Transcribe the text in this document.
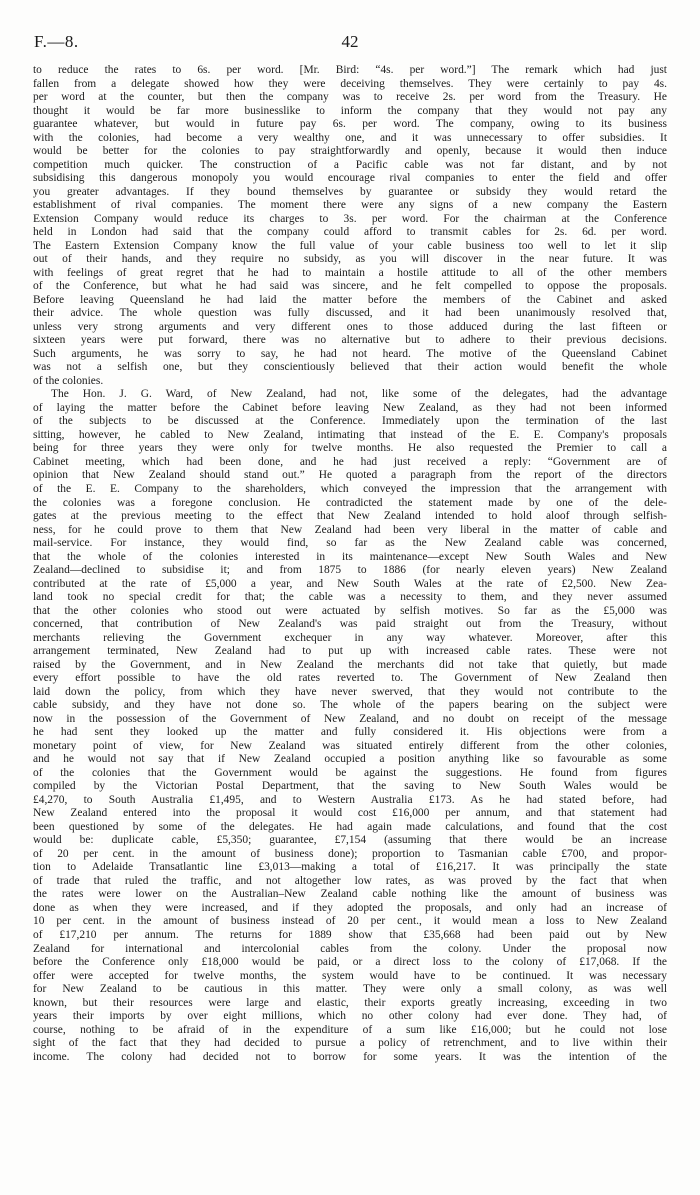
F.—8.	42
to reduce the rates to 6s. per word. [Mr. Bird: “4s. per word.”] The remark which had just
fallen from a delegate showed how they were deceiving themselves. They were certainly to pay 4s.
per word at the counter, but then the company was to receive 2s. per word from the Treasury. He
thought it would be far more businesslike to inform the company that they would not pay any
guarantee whatever, but would in future pay 6s. per word. The company, owing to its business
with the colonies, had become a very wealthy one, and it was unnecessary to offer subsidies. It
would be better for the colonies to pay straightforwardly and openly, because it would then induce
competition much quicker. The construction of a Pacific cable was not far distant, and by not
subsidising this dangerous monopoly you would encourage rival companies to enter the field and offer
you greater advantages. If they bound themselves by guarantee or subsidy they would retard the
establishment of rival companies. The moment there were any signs of a new company the Eastern
Extension Company would reduce its charges to 3s. per word. For the chairman at the Conference
held in London had said that the company could afford to transmit cables for 2s. 6d. per word.
The Eastern Extension Company know the full value of your cable business too well to let it slip
out of their hands, and they require no subsidy, as you will discover in the near future. It was
with feelings of great regret that he had to maintain a hostile attitude to all of the other members
of the Conference, but what he had said was sincere, and he felt compelled to oppose the proposals.
Before leaving Queensland he had laid the matter before the members of the Cabinet and asked
their advice. The whole question was fully discussed, and it had been unanimously resolved that,
unless very strong arguments and very different ones to those adduced during the last fifteen or
sixteen years were put forward, there was no alternative but to adhere to their previous decisions.
Such arguments, he was sorry to say, he had not heard. The motive of the Queensland Cabinet
was not a selfish one, but they conscientiously believed that their action would benefit the whole
of the colonies.
The Hon. J. G. Ward, of New Zealand, had not, like some of the delegates, had the advantage
of laying the matter before the Cabinet before leaving New Zealand, as they had not been informed
of the subjects to be discussed at the Conference. Immediately upon the termination of the last
sitting, however, he cabled to New Zealand, intimating that instead of the E. E. Company's proposals
being for three years they were only for twelve months. He also requested the Premier to call a
Cabinet meeting, which had been done, and he had just received a reply: “Government are of
opinion that New Zealand should stand out.” He quoted a paragraph from the report of the directors
of the E. E. Company to the shareholders, which conveyed the impression that the arrangement with
the colonies was a foregone conclusion. He contradicted the statement made by one of the dele-
gates at the previous meeting to the effect that New Zealand intended to hold aloof through selfish-
ness, for he could prove to them that New Zealand had been very liberal in the matter of cable and
mail-service. For instance, they would find, so far as the New Zealand cable was concerned,
that the whole of the colonies interested in its maintenance—except New South Wales and New
Zealand—declined to subsidise it; and from 1875 to 1886 (for nearly eleven years) New Zealand
contributed at the rate of £5,000 a year, and New South Wales at the rate of £2,500. New Zea-
land took no special credit for that; the cable was a necessity to them, and they never assumed
that the other colonies who stood out were actuated by selfish motives. So far as the £5,000 was
concerned, that contribution of New Zealand's was paid straight out from the Treasury, without
merchants relieving the Government exchequer in any way whatever. Moreover, after this
arrangement terminated, New Zealand had to put up with increased cable rates. These were not
raised by the Government, and in New Zealand the merchants did not take that quietly, but made
every effort possible to have the old rates reverted to. The Government of New Zealand then
laid down the policy, from which they have never swerved, that they would not contribute to the
cable subsidy, and they have not done so. The whole of the papers bearing on the subject were
now in the possession of the Government of New Zealand, and no doubt on receipt of the message
he had sent they looked up the matter and fully considered it. His objections were from a
monetary point of view, for New Zealand was situated entirely different from the other colonies,
and he would not say that if New Zealand occupied a position anything like so favourable as some
of the colonies that the Government would be against the suggestions. He found from figures
compiled by the Victorian Postal Department, that the saving to New South Wales would be
£4,270, to South Australia £1,495, and to Western Australia £173. As he had stated before, had
New Zealand entered into the proposal it would cost £16,000 per annum, and that statement had
been questioned by some of the delegates. He had again made calculations, and found that the cost
would be: duplicate cable, £5,350; guarantee, £7,154 (assuming that there would be an increase
of 20 per cent. in the amount of business done); proportion to Tasmanian cable £700, and propor-
tion to Adelaide Transatlantic line £3,013—making a total of £16,217. It was principally the state
of trade that ruled the traffic, and not altogether low rates, as was proved by the fact that when
the rates were lower on the Australian–New Zealand cable nothing like the amount of business was
done as when they were increased, and if they adopted the proposals, and only had an increase of
10 per cent. in the amount of business instead of 20 per cent., it would mean a loss to New Zealand
of £17,210 per annum. The returns for 1889 show that £35,668 had been paid out by New
Zealand for international and intercolonial cables from the colony. Under the proposal now
before the Conference only £18,000 would be paid, or a direct loss to the colony of £17,068. If the
offer were accepted for twelve months, the system would have to be continued. It was necessary
for New Zealand to be cautious in this matter. They were only a small colony, as was well
known, but their resources were large and elastic, their exports greatly increasing, exceeding in two
years their imports by over eight millions, which no other colony had ever done. They had, of
course, nothing to be afraid of in the expenditure of a sum like £16,000; but he could not lose
sight of the fact that they had decided to pursue a policy of retrenchment, and to live within their
income. The colony had decided not to borrow for some years. It was the intention of the
